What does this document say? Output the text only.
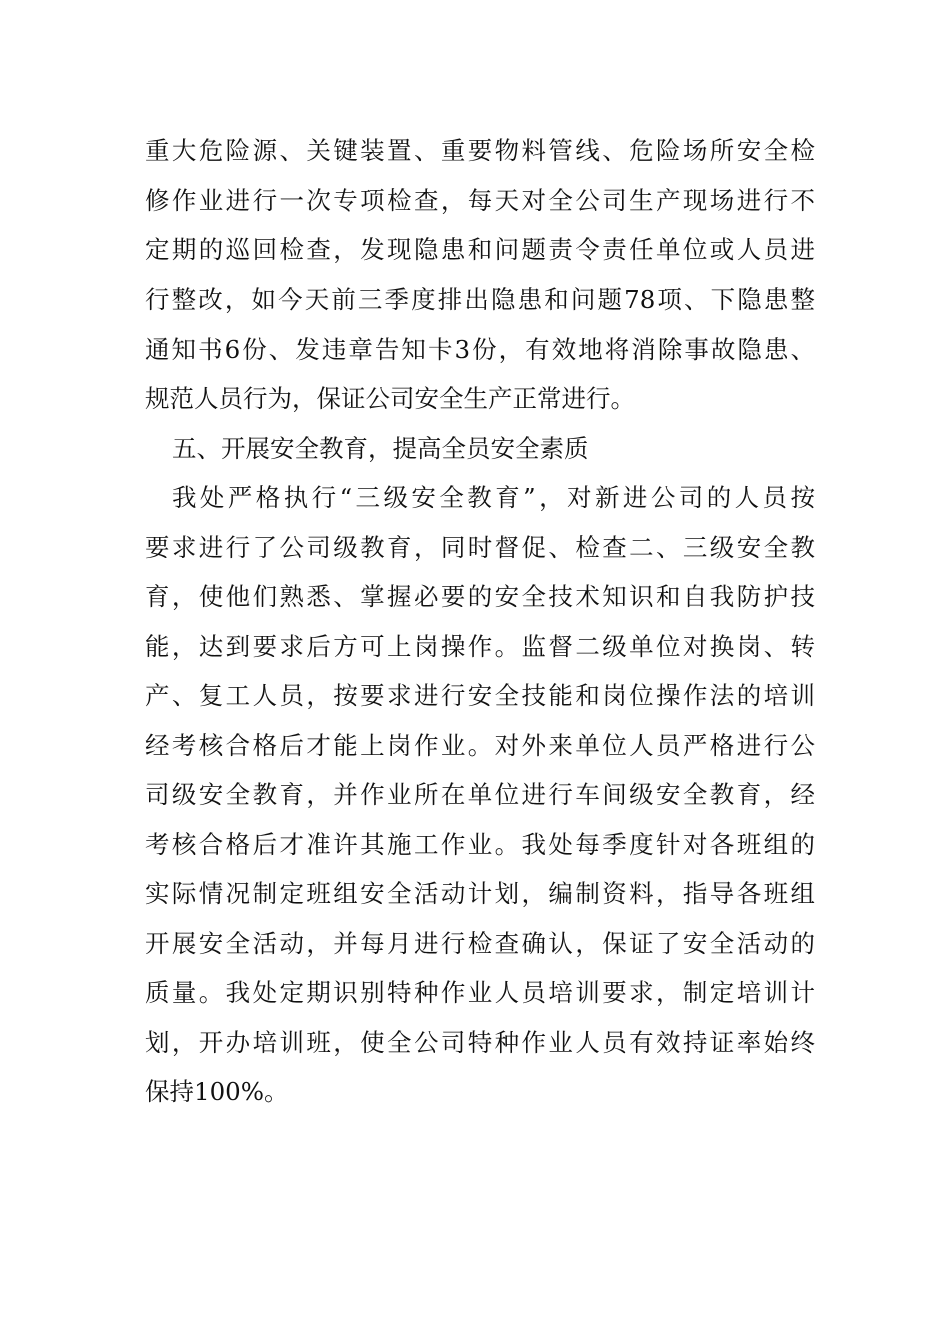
重大危险源、关键装置、重要物料管线、危险场所安全检
修作业进行一次专项检查，每天对全公司生产现场进行不
定期的巡回检查，发现隐患和问题责令责任单位或人员进
行整改，如今天前三季度排出隐患和问题78项、下隐患整
通知书6份、发违章告知卡3份，有效地将消除事故隐患、
规范人员行为，保证公司安全生产正常进行。
五、开展安全教育，提高全员安全素质
我处严格执行“三级安全教育”，对新进公司的人员按
要求进行了公司级教育，同时督促、检查二、三级安全教
育，使他们熟悉、掌握必要的安全技术知识和自我防护技
能，达到要求后方可上岗操作。监督二级单位对换岗、转
产、复工人员，按要求进行安全技能和岗位操作法的培训
经考核合格后才能上岗作业。对外来单位人员严格进行公
司级安全教育，并作业所在单位进行车间级安全教育，经
考核合格后才准许其施工作业。我处每季度针对各班组的
实际情况制定班组安全活动计划，编制资料，指导各班组
开展安全活动，并每月进行检查确认，保证了安全活动的
质量。我处定期识别特种作业人员培训要求，制定培训计
划，开办培训班，使全公司特种作业人员有效持证率始终
保持100%。
